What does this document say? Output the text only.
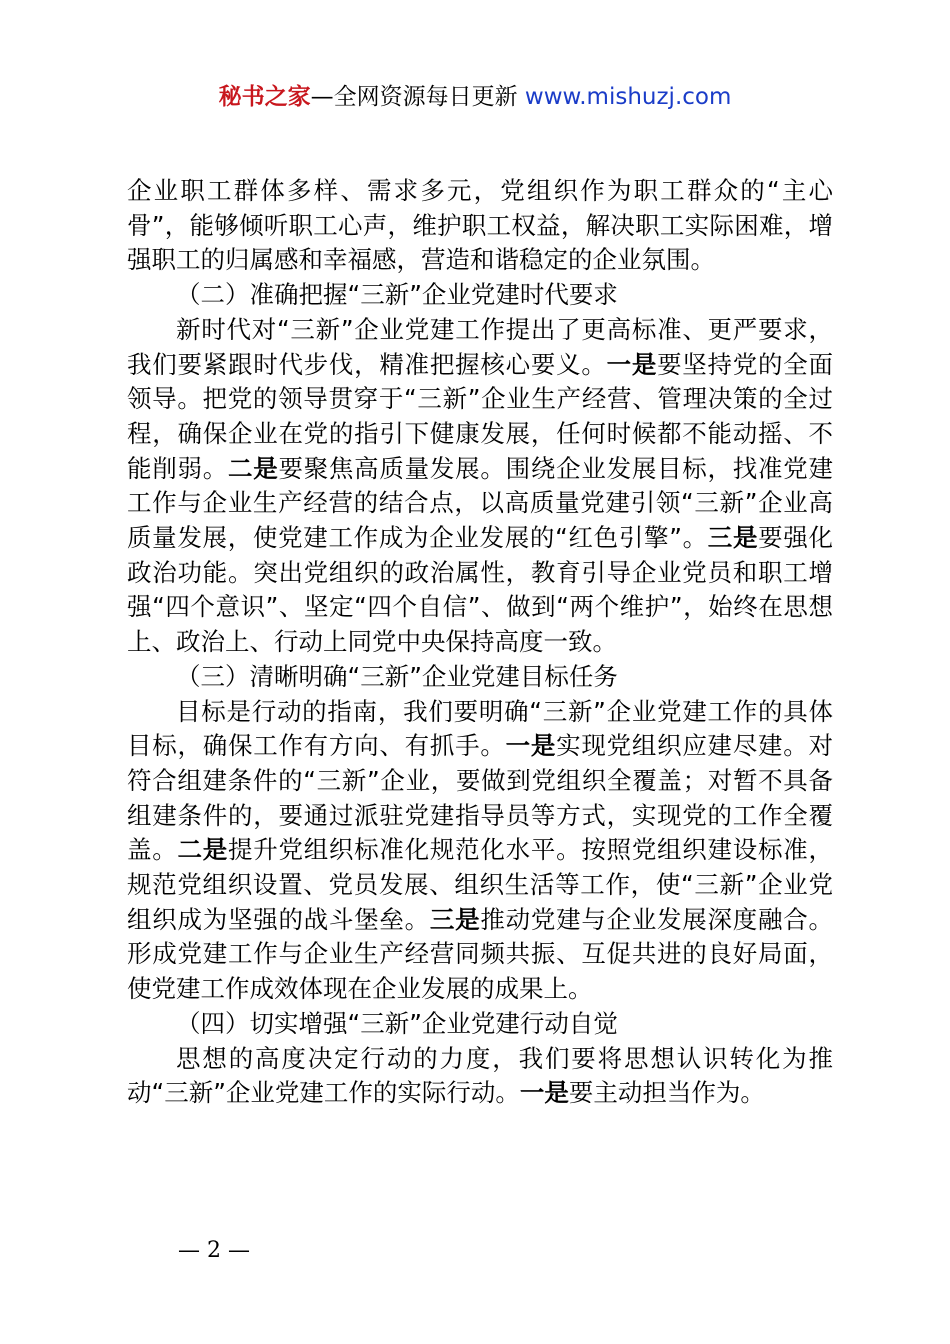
秘书之家—全网资源每日更新 www.mishuzj.com

企业职工群体多样、需求多元，党组织作为职工群众的“主心骨”，能够倾听职工心声，维护职工权益，解决职工实际困难，增强职工的归属感和幸福感，营造和谐稳定的企业氛围。

（二）准确把握“三新”企业党建时代要求

新时代对“三新”企业党建工作提出了更高标准、更严要求，我们要紧跟时代步伐，精准把握核心要义。一是要坚持党的全面领导。把党的领导贯穿于“三新”企业生产经营、管理决策的全过程，确保企业在党的指引下健康发展，任何时候都不能动摇、不能削弱。二是要聚焦高质量发展。围绕企业发展目标，找准党建工作与企业生产经营的结合点，以高质量党建引领“三新”企业高质量发展，使党建工作成为企业发展的“红色引擎”。三是要强化政治功能。突出党组织的政治属性，教育引导企业党员和职工增强“四个意识”、坚定“四个自信”、做到“两个维护”，始终在思想上、政治上、行动上同党中央保持高度一致。

（三）清晰明确“三新”企业党建目标任务

目标是行动的指南，我们要明确“三新”企业党建工作的具体目标，确保工作有方向、有抓手。一是实现党组织应建尽建。对符合组建条件的“三新”企业，要做到党组织全覆盖；对暂不具备组建条件的，要通过派驻党建指导员等方式，实现党的工作全覆盖。二是提升党组织标准化规范化水平。按照党组织建设标准，规范党组织设置、党员发展、组织生活等工作，使“三新”企业党组织成为坚强的战斗堡垒。三是推动党建与企业发展深度融合。形成党建工作与企业生产经营同频共振、互促共进的良好局面，使党建工作成效体现在企业发展的成果上。

（四）切实增强“三新”企业党建行动自觉

思想的高度决定行动的力度，我们要将思想认识转化为推动“三新”企业党建工作的实际行动。一是要主动担当作为。

— 2 —
